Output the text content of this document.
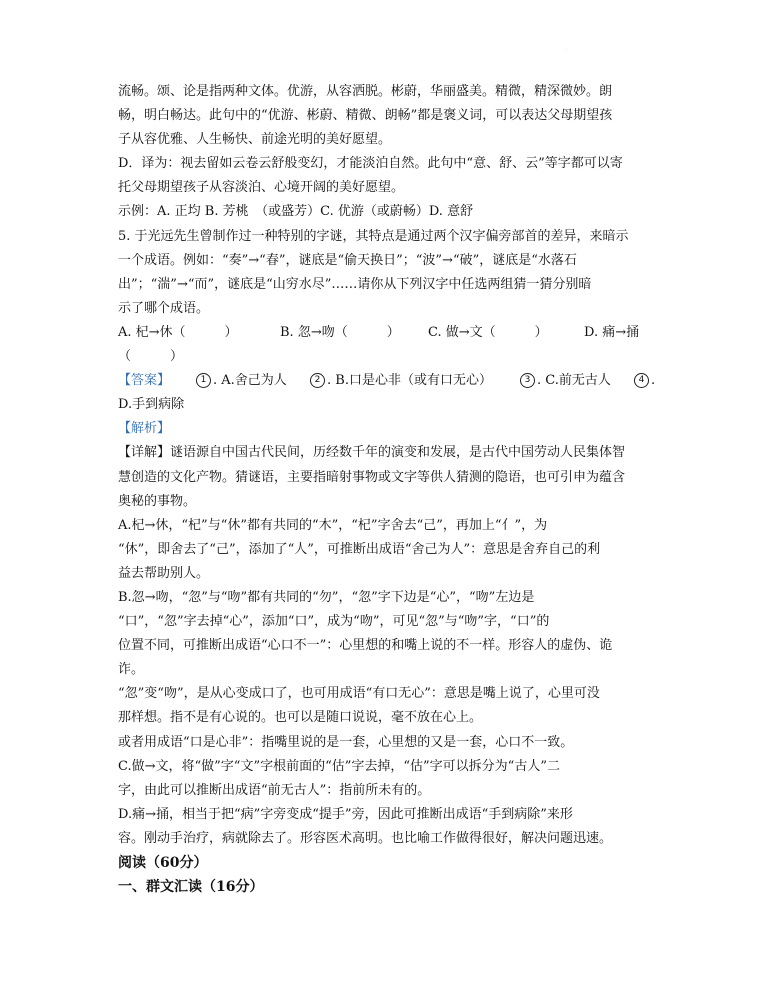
.
流畅。颂、论是指两种文体。优游，从容洒脱。彬蔚，华丽盛美。精微，精深微妙。朗
畅，明白畅达。此句中的“优游、彬蔚、精微、朗畅”都是褒义词，可以表达父母期望孩
子从容优雅、人生畅快、前途光明的美好愿望。
D．译为：视去留如云卷云舒般变幻，才能淡泊自然。此句中“意、舒、云”等字都可以寄
托父母期望孩子从容淡泊、心境开阔的美好愿望。
示例：A. 正均 B. 芳桃　（或盛芳）C. 优游（或蔚畅）D. 意舒
5. 于光远先生曾制作过一种特别的字谜，其特点是通过两个汉字偏旁部首的差异，来暗示
一个成语。例如：“奏”→“春”，谜底是“偷天换日”；“波”→“破”，谜底是“水落石
出”；“湍”→“而”，谜底是“山穷水尽”……请你从下列汉字中任选两组猜一猜分别暗
示了哪个成语。
A. 杞→休（　　　）	B. 忽→吻（　　　） C. 做→文（　　　）	D. 痛→捅
（　　　）
【答案】	1 . A.舍己为人	2 . B.口是心非（或有口无心）	3 . C.前无古人	4 .
D.手到病除
【解析】
【详解】谜语源自中国古代民间，历经数千年的演变和发展，是古代中国劳动人民集体智
慧创造的文化产物。猜谜语，主要指暗射事物或文字等供人猜测的隐语，也可引申为蕴含
奥秘的事物。
A.杞→休，“杞”与“休”都有共同的“木”，“杞”字舍去“己”，再加上“亻”，为
“休”，即舍去了“己”，添加了“人”，可推断出成语“舍己为人”：意思是舍弃自己的利
益去帮助别人。
B.忽→吻，“忽”与“吻”都有共同的“勿”，“忽”字下边是“心”，“吻”左边是
“口”，“忽”字去掉“心”，添加“口”，成为“吻”，可见“忽”与“吻”字，“口”的
位置不同，可推断出成语“心口不一”：心里想的和嘴上说的不一样。形容人的虚伪、诡
诈。
“忽”变“吻”，是从心变成口了，也可用成语“有口无心”：意思是嘴上说了，心里可没
那样想。指不是有心说的。也可以是随口说说，毫不放在心上。
或者用成语“口是心非”：指嘴里说的是一套，心里想的又是一套，心口不一致。
C.做→文，将“做”字“文”字根前面的“估”字去掉，“估”字可以拆分为“古人”二
字，由此可以推断出成语“前无古人”：指前所未有的。
D.痛→捅，相当于把“病”字旁变成“提手”旁，因此可推断出成语“手到病除”来形
容。刚动手治疗，病就除去了。形容医术高明。也比喻工作做得很好，解决问题迅速。
阅读（60分）
一、群文汇读（16分）
